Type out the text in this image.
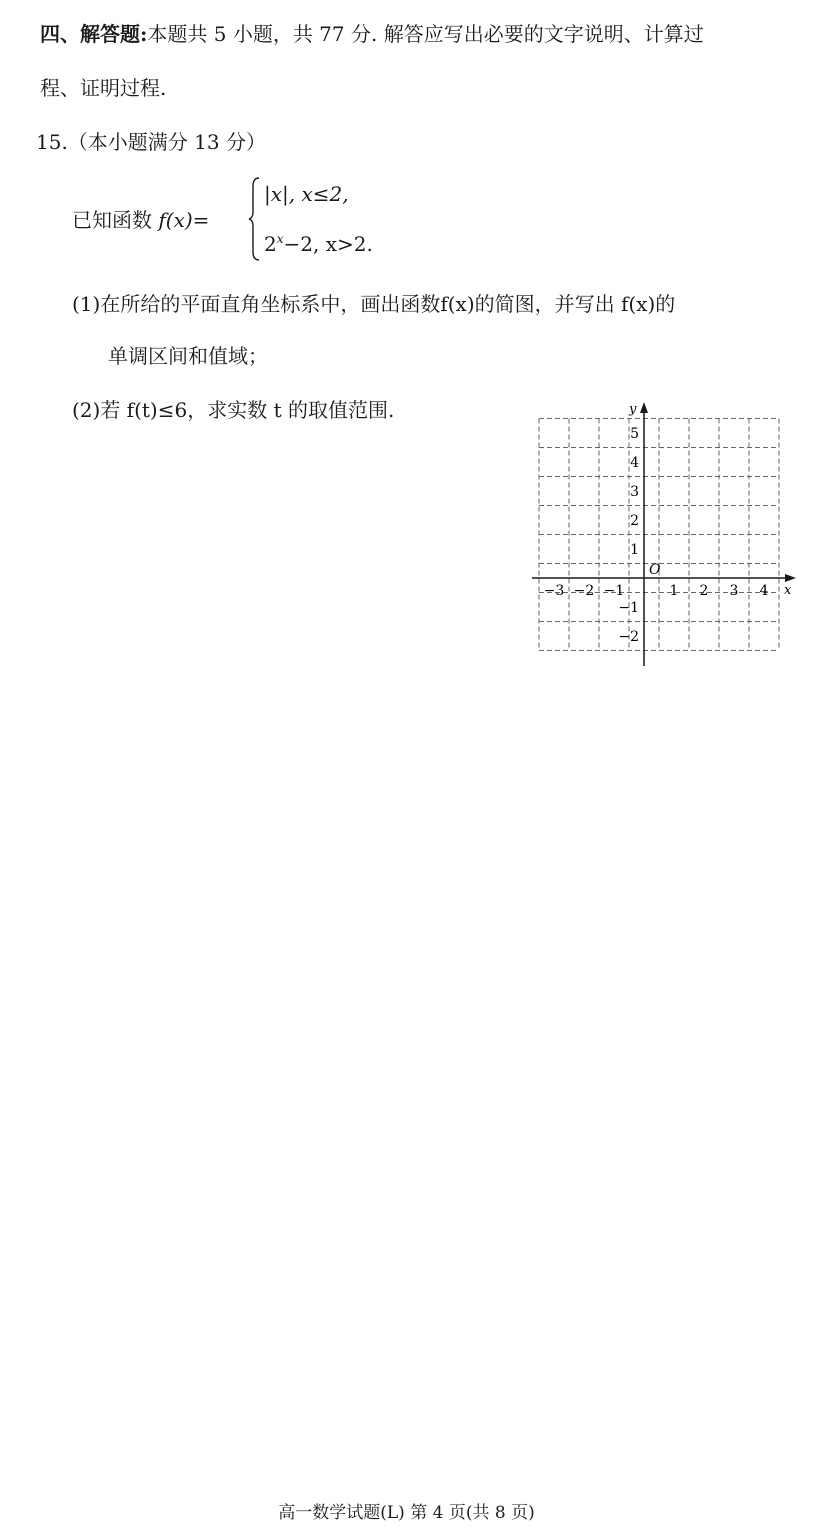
四、解答题:本题共 5 小题，共 77 分. 解答应写出必要的文字说明、计算过
程、证明过程.
15.（本小题满分 13 分）
已知函数 f(x)=
|x|, x≤2,
$2^x-2$, x>2.
(1)在所给的平面直角坐标系中，画出函数f(x)的简图，并写出 f(x)的
单调区间和值域；
(2)若 f(t)≤6，求实数 t 的取值范围.
x
y
O
−3 −2 −1	1 2 3 4
5
4
3
2
1
−1
−2
高一数学试题(L) 第 4 页(共 8 页)
